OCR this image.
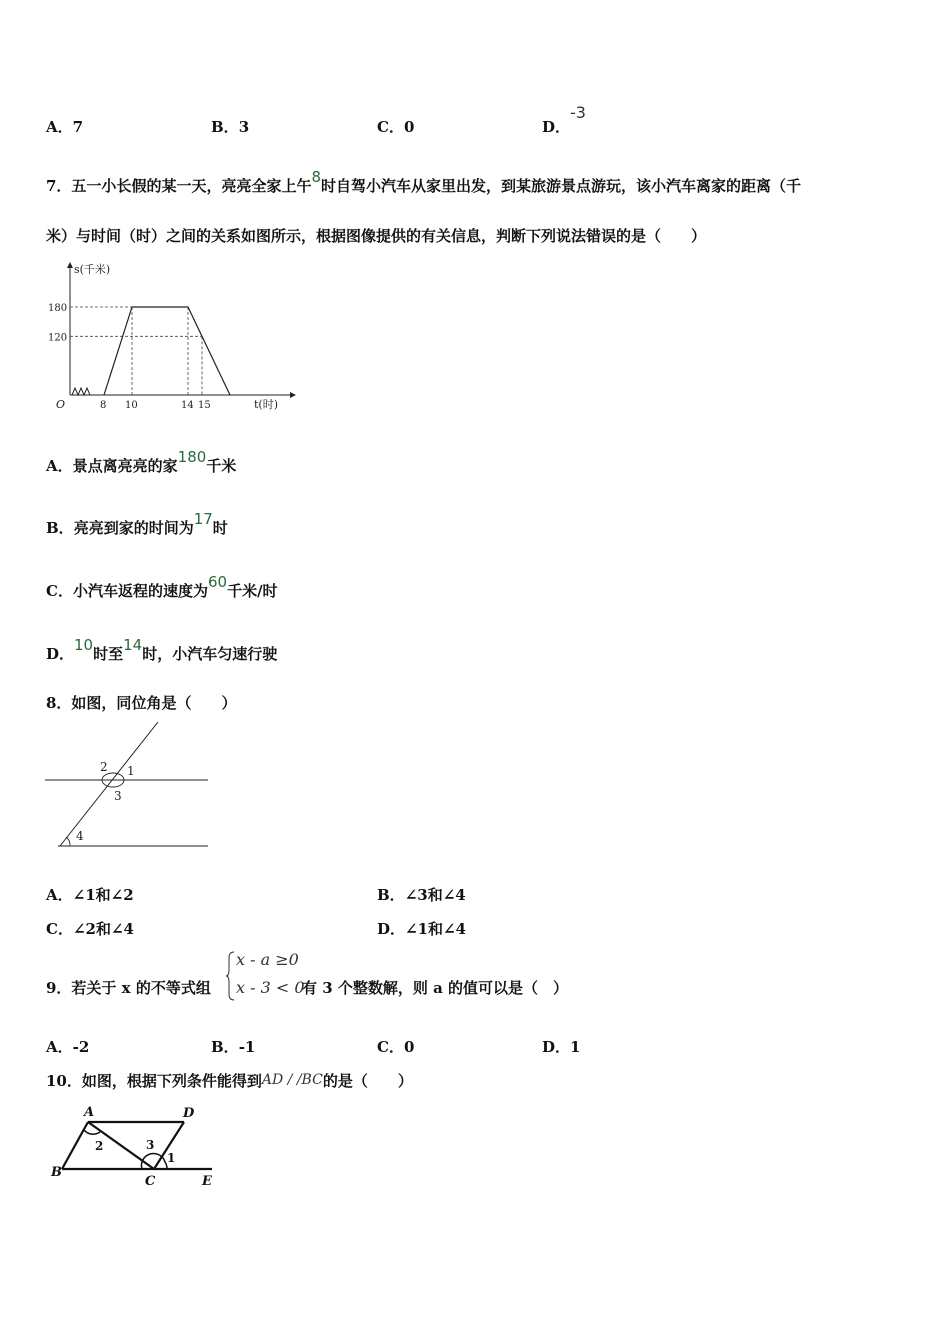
A．7	B．3	C．0	D．-3
7．五一小长假的某一天，亮亮全家上午8时自驾小汽车从家里出发，到某旅游景点游玩，该小汽车离家的距离（千
米）与时间（时）之间的关系如图所示，根据图像提供的有关信息，判断下列说法错误的是（　　）
s(千米)
t(时)
O
180
120
8 10	14 15
A．景点离亮亮的家180千米
B．亮亮到家的时间为17时
C．小汽车返程的速度为60千米/时
D．10时至14时，小汽车匀速行驶
8．如图，同位角是（　　）
1
2
3
4
A．∠1和∠2	B．∠3和∠4
C．∠2和∠4	D．∠1和∠4
9．若关于 x 的不等式组
x - a ≥0
x - 3 < 0
有 3 个整数解，则 a 的值可以是（　）
A．-2	B．-1	C．0	D．1
10．如图，根据下列条件能得到AD / /BC的是（　　）
A	D
B
C	E
1
2	3
